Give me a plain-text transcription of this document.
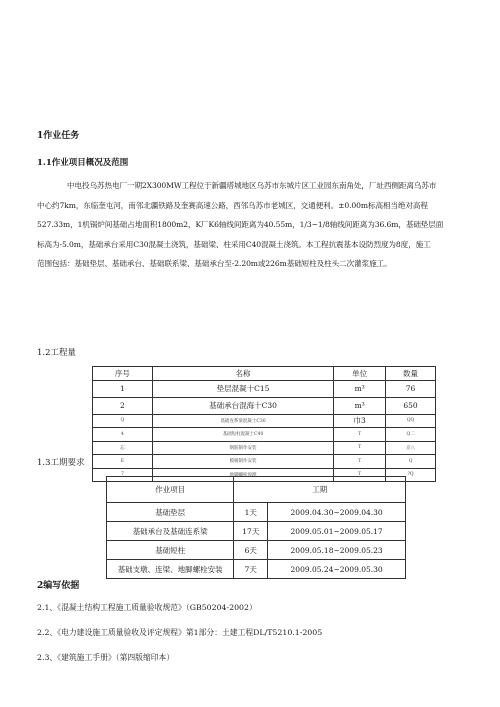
1作业任务
1.1作业项目概况及范围
中电投乌苏热电厂一期2X300MW工程位于新疆塔城地区乌苏市东城片区工业园东南角处，厂址西侧距离乌苏市
中心约7km，东临奎屯河，南邻北疆铁路及奎赛高速公路，西邻乌苏市老城区，交通便利。±0.00m标高相当绝对高程
527.33m，1机锅炉间基础占地面积1800m2，K厂K6轴线间距离为40.55m，1/3~1/8轴线间距离为36.6m，基础垫层面
标高为-5.0m，基础承台采用C30混凝土浇筑，基础梁、柱采用C40混凝土浇筑。本工程抗震基本设防烈度为8度，施工
范围包括：基础垫层、基础承台、基础联系梁、基础承台至-2.20m或226m基础短柱及柱头二次灌浆施工。
1.2工程量
序号	名称	单位	数量
1	垫层混凝十C15	m³	76
2	基础承台混海十C30	m³	650
Q	基础连系梁混凝土C30	巾3	QQ
4	基础短柱混凝土C40	T	Q二
忘	钢筋制作安装	T	京八
E	模板制作安装	T	Q
7	地脚螺栓预埋	T	?Q
1.3工期要求
作业项目	工期	
基础垫层	1天	2009.04.30~2009.04.30
基础承台及基础连系梁	17天	2009.05.01~2009.05.17
基础短柱	6天	2009.05.18~2009.05.23
基础支墩、连梁、地脚螺栓安装	7天	2009.05.24~2009.05.30
2编写依据
2.1、《混凝土结构工程施工质量验收规范》（GB50204-2002）
2.2、《电力建设施工质量验收及评定规程》第1部分：土建工程DL/T5210.1-2005
2.3、《建筑施工手册》（第四版缩印本）
